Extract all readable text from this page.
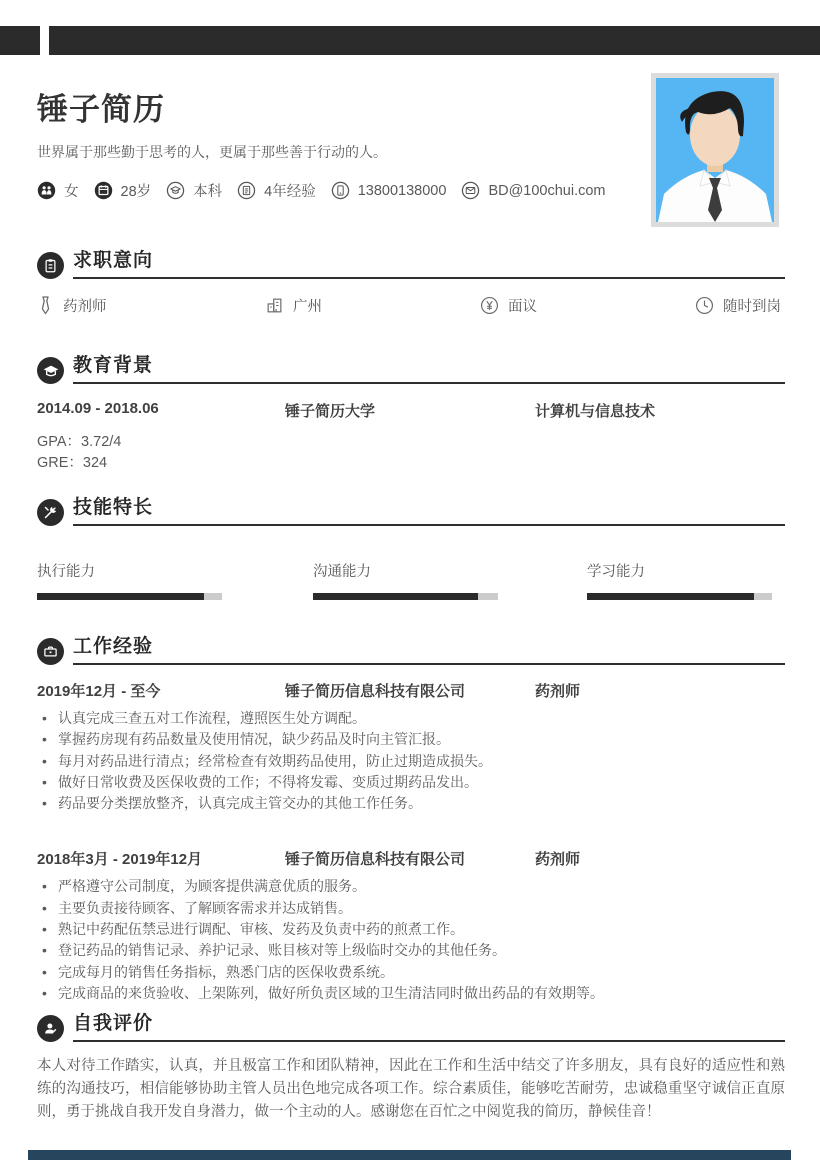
锤子简历
世界属于那些勤于思考的人，更属于那些善于行动的人。
女	28岁	本科	4年经验	13800138000	BD@100chui.com
求职意向
药剂师	广州	面议	随时到岗
教育背景
2014.09 - 2018.06	锤子简历大学	计算机与信息技术
GPA：3.72/4
GRE：324
技能特长
执行能力	沟通能力	学习能力
工作经验
2019年12月 - 至今	锤子简历信息科技有限公司	药剂师
• 认真完成三查五对工作流程，遵照医生处方调配。
• 掌握药房现有药品数量及使用情况，缺少药品及时向主管汇报。
• 每月对药品进行清点；经常检查有效期药品使用，防止过期造成损失。
• 做好日常收费及医保收费的工作；不得将发霉、变质过期药品发出。
• 药品要分类摆放整齐，认真完成主管交办的其他工作任务。
2018年3月 - 2019年12月	锤子简历信息科技有限公司	药剂师
• 严格遵守公司制度，为顾客提供满意优质的服务。
• 主要负责接待顾客、了解顾客需求并达成销售。
• 熟记中药配伍禁忌进行调配、审核、发药及负责中药的煎煮工作。
• 登记药品的销售记录、养护记录、账目核对等上级临时交办的其他任务。
• 完成每月的销售任务指标，熟悉门店的医保收费系统。
• 完成商品的来货验收、上架陈列，做好所负责区域的卫生清洁同时做出药品的有效期等。
自我评价
本人对待工作踏实，认真，并且极富工作和团队精神，因此在工作和生活中结交了许多朋友，具有良好的适应性和熟练的沟通技巧，相信能够协助主管人员出色地完成各项工作。综合素质佳，能够吃苦耐劳，忠诚稳重坚守诚信正直原则，勇于挑战自我开发自身潜力，做一个主动的人。感谢您在百忙之中阅览我的简历，静候佳音！
